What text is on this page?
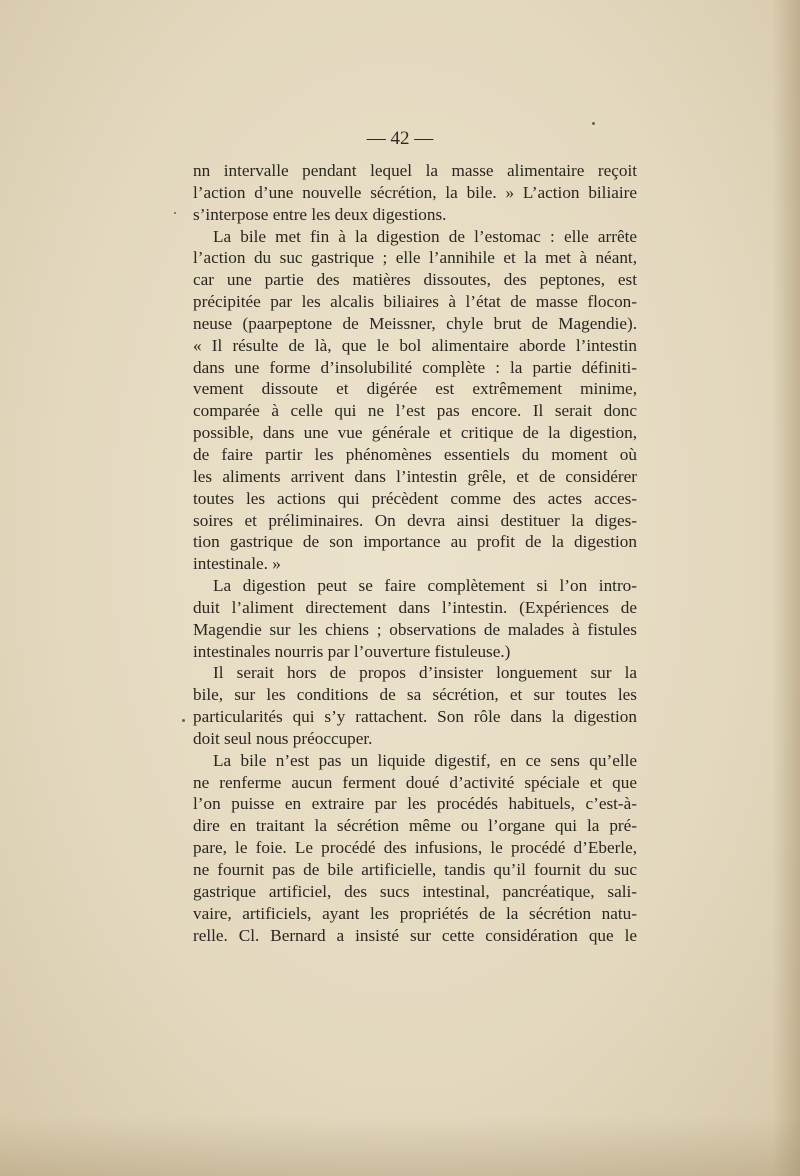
— 42 —
nn intervalle pendant lequel la masse alimentaire reçoit
l’action d’une nouvelle sécrétion, la bile. » L’action biliaire
s’interpose entre les deux digestions.
La bile met fin à la digestion de l’estomac : elle arrête
l’action du suc gastrique ; elle l’annihile et la met à néant,
car une partie des matières dissoutes, des peptones, est
précipitée par les alcalis biliaires à l’état de masse flocon-
neuse (paarpeptone de Meissner, chyle brut de Magendie).
« Il résulte de là, que le bol alimentaire aborde l’intestin
dans une forme d’insolubilité complète : la partie définiti-
vement dissoute et digérée est extrêmement minime,
comparée à celle qui ne l’est pas encore. Il serait donc
possible, dans une vue générale et critique de la digestion,
de faire partir les phénomènes essentiels du moment où
les aliments arrivent dans l’intestin grêle, et de considérer
toutes les actions qui précèdent comme des actes acces-
soires et préliminaires. On devra ainsi destituer la diges-
tion gastrique de son importance au profit de la digestion
intestinale. »
La digestion peut se faire complètement si l’on intro-
duit l’aliment directement dans l’intestin. (Expériences de
Magendie sur les chiens ; observations de malades à fistules
intestinales nourris par l’ouverture fistuleuse.)
Il serait hors de propos d’insister longuement sur la
bile, sur les conditions de sa sécrétion, et sur toutes les
particularités qui s’y rattachent. Son rôle dans la digestion
doit seul nous préoccuper.
La bile n’est pas un liquide digestif, en ce sens qu’elle
ne renferme aucun ferment doué d’activité spéciale et que
l’on puisse en extraire par les procédés habituels, c’est-à-
dire en traitant la sécrétion même ou l’organe qui la pré-
pare, le foie. Le procédé des infusions, le procédé d’Eberle,
ne fournit pas de bile artificielle, tandis qu’il fournit du suc
gastrique artificiel, des sucs intestinal, pancréatique, sali-
vaire, artificiels, ayant les propriétés de la sécrétion natu-
relle. Cl. Bernard a insisté sur cette considération que le
